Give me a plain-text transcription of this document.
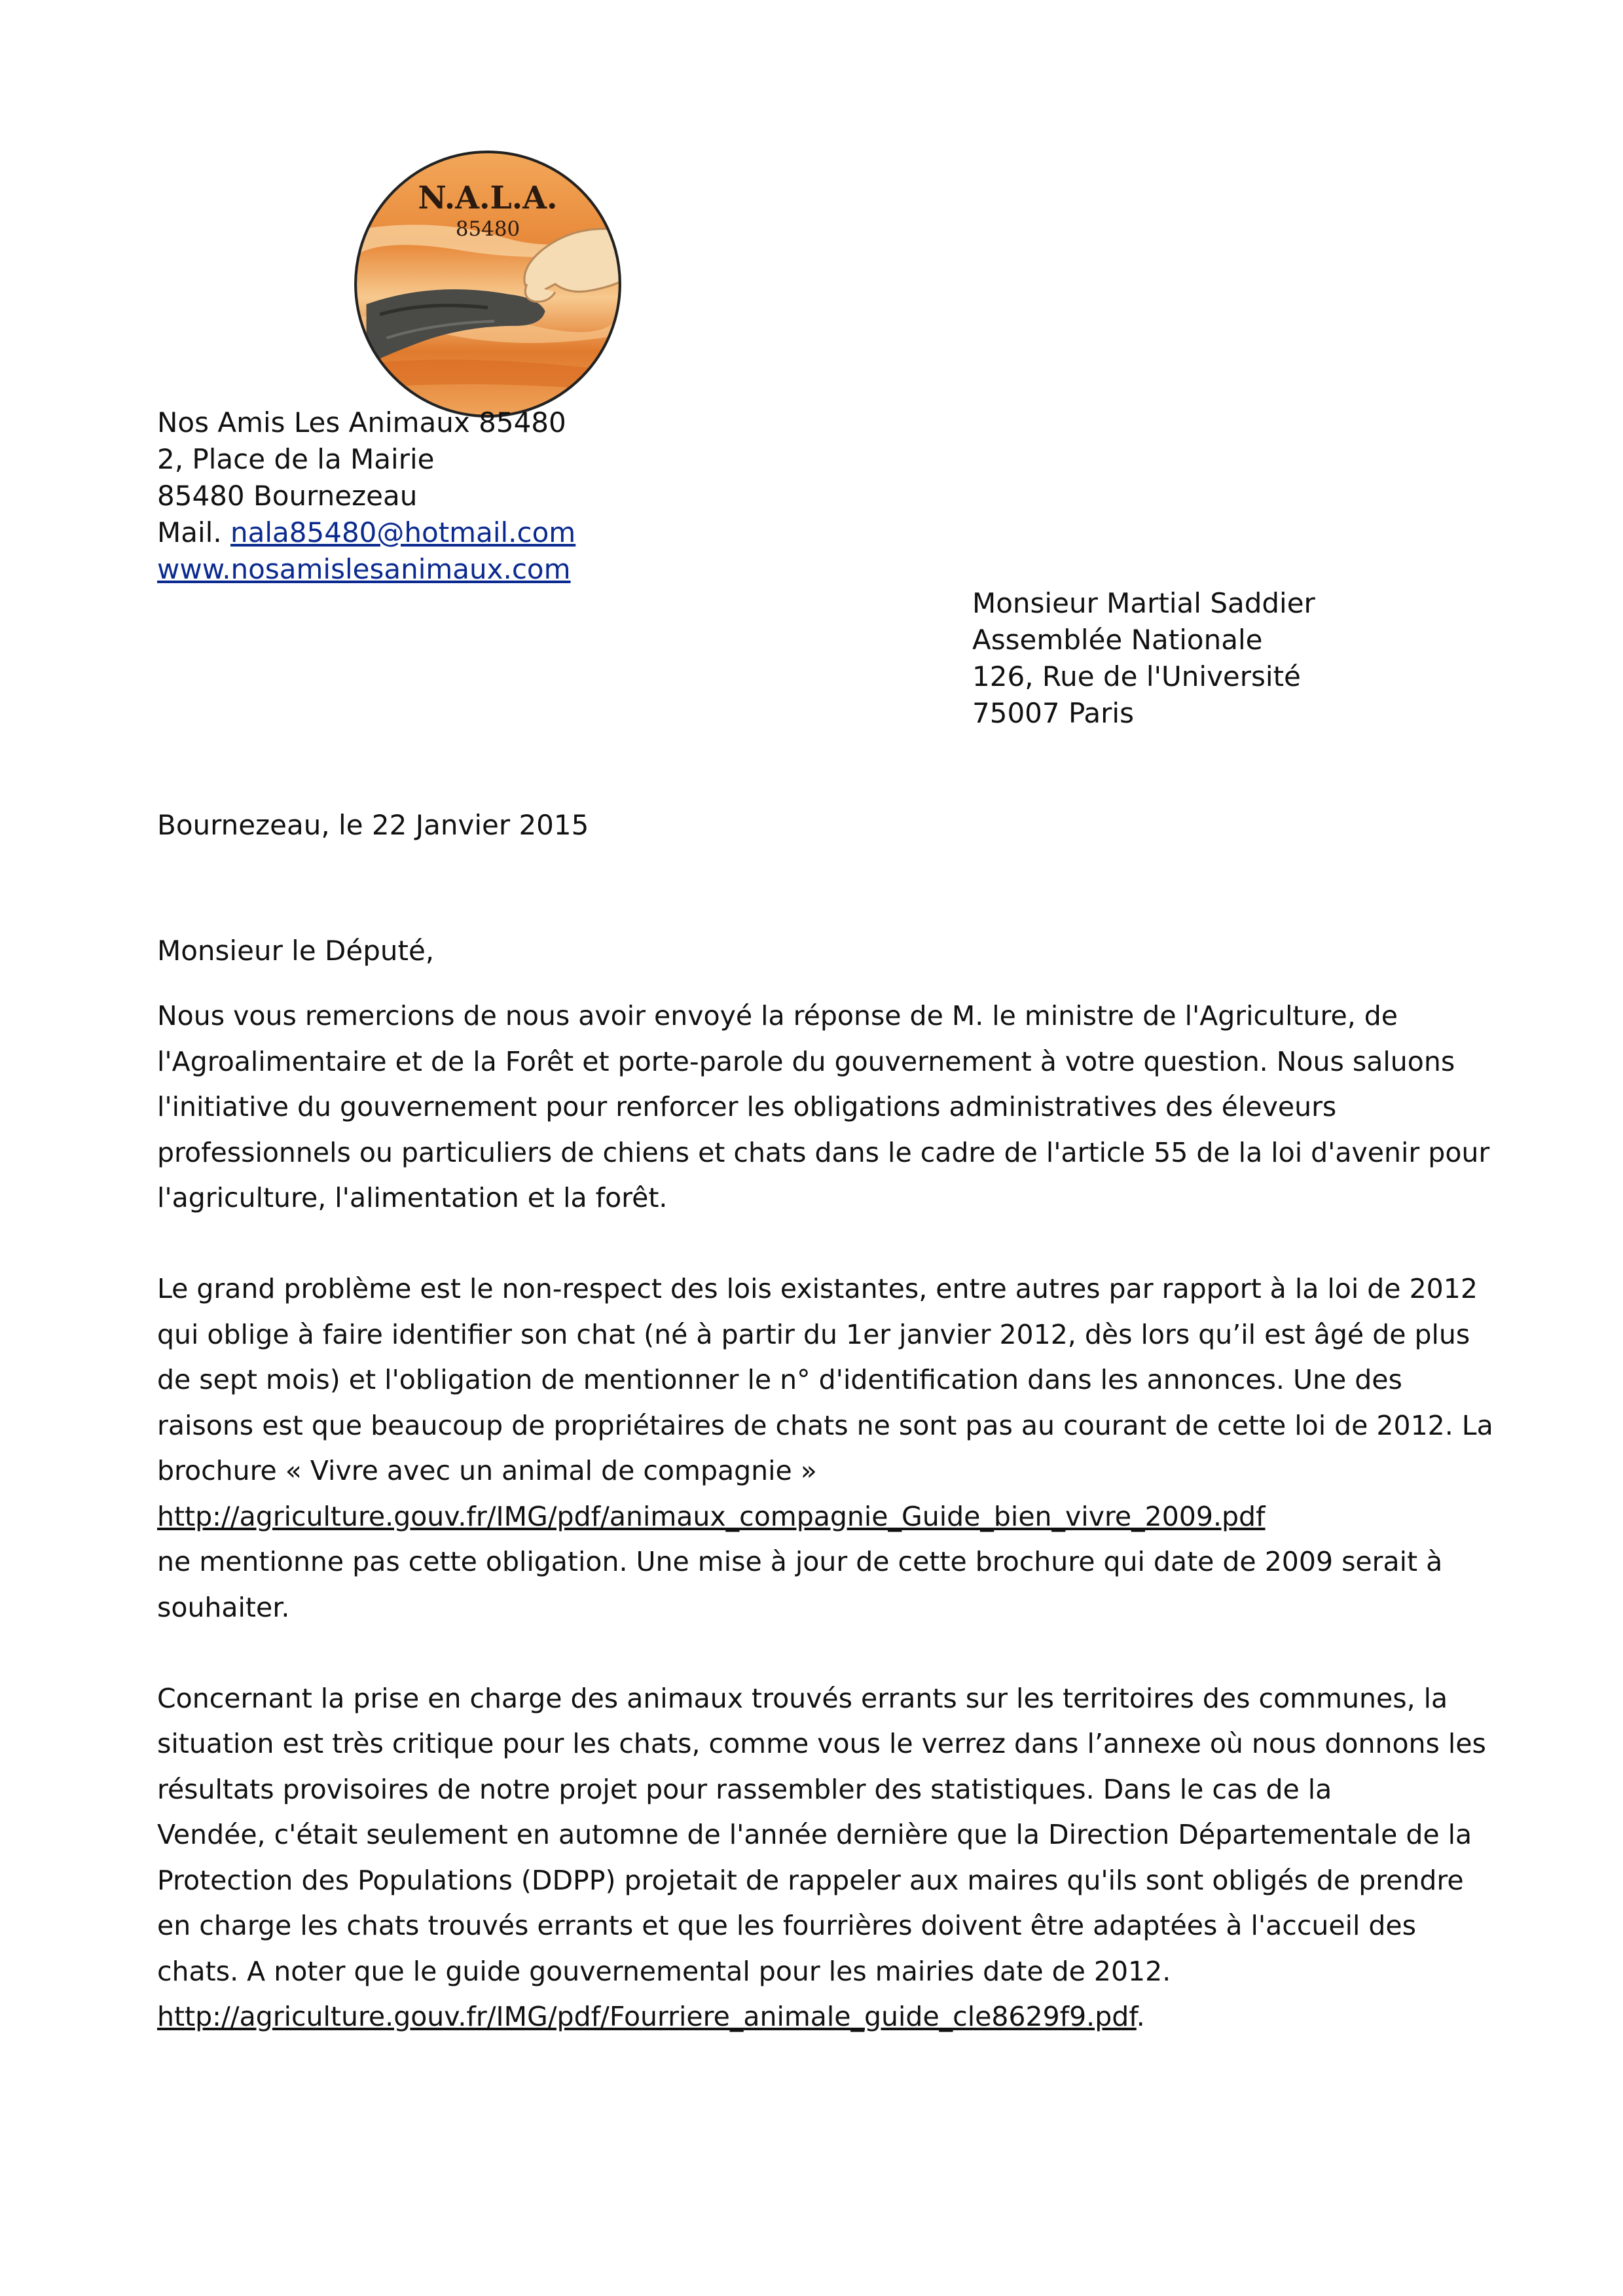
N.A.L.A.
85480
Nos Amis Les Animaux 85480
2, Place de la Mairie
85480 Bournezeau
Mail. nala85480@hotmail.com
www.nosamislesanimaux.com
Monsieur Martial Saddier
Assemblée Nationale
126, Rue de l'Université
75007 Paris
Bournezeau, le 22 Janvier 2015
Monsieur le Député,
Nous vous remercions de nous avoir envoyé la réponse de M. le ministre de l'Agriculture, de
l'Agroalimentaire et de la Forêt et porte-parole du gouvernement à votre question. Nous saluons
l'initiative du gouvernement pour renforcer les obligations administratives des éleveurs
professionnels ou particuliers de chiens et chats dans le cadre de l'article 55 de la loi d'avenir pour
l'agriculture, l'alimentation et la forêt.
Le grand problème est le non-respect des lois existantes, entre autres par rapport à la loi de 2012
qui oblige à faire identifier son chat (né à partir du 1er janvier 2012, dès lors qu’il est âgé de plus
de sept mois) et l'obligation de mentionner le n° d'identification dans les annonces. Une des
raisons est que beaucoup de propriétaires de chats ne sont pas au courant de cette loi de 2012. La
brochure « Vivre avec un animal de compagnie »
http://agriculture.gouv.fr/IMG/pdf/animaux_compagnie_Guide_bien_vivre_2009.pdf
ne mentionne pas cette obligation. Une mise à jour de cette brochure qui date de 2009 serait à
souhaiter.
Concernant la prise en charge des animaux trouvés errants sur les territoires des communes, la
situation est très critique pour les chats, comme vous le verrez dans l’annexe où nous donnons les
résultats provisoires de notre projet pour rassembler des statistiques. Dans le cas de la
Vendée, c'était seulement en automne de l'année dernière que la Direction Départementale de la
Protection des Populations (DDPP) projetait de rappeler aux maires qu'ils sont obligés de prendre
en charge les chats trouvés errants et que les fourrières doivent être adaptées à l'accueil des
chats. A noter que le guide gouvernemental pour les mairies date de 2012.
http://agriculture.gouv.fr/IMG/pdf/Fourriere_animale_guide_cle8629f9.pdf.
